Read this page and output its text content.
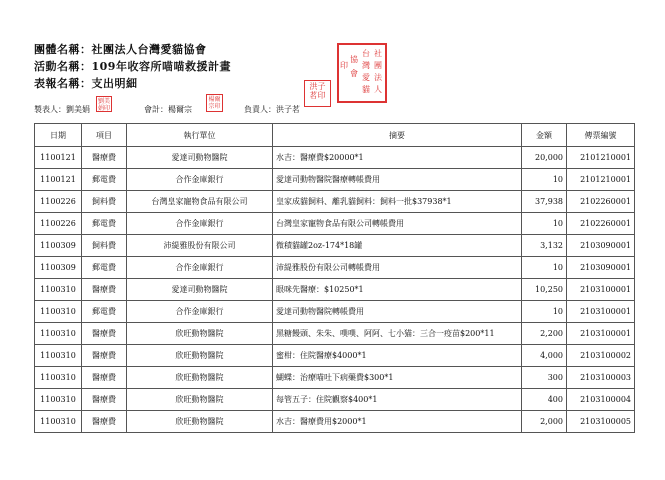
團體名稱：社團法人台灣愛貓協會
活動名稱：109年收容所喵喵救援計畫
表報名稱：支出明細
社
團
法
人
台
灣
愛
貓
協
會
印
製表人：劉美娟
劉美
娟印	會計：楊爾宗
楊爾
宗印	負責人：洪子茗
洪子
茗印
日期	項目	執行單位	摘要	金額	傳票編號
1100121	醫療費	愛達司動物醫院	水吉：醫療費$20000*1	20,000	2101210001
1100121	郵電費	合作金庫銀行	愛達司動物醫院醫療轉帳費用	10	2101210001
1100226	飼料費	台灣皇家寵物食品有限公司	皇家成貓飼料、離乳貓飼料：飼料一批$37938*1	37,938	2102260001
1100226	郵電費	合作金庫銀行	台灣皇家寵物食品有限公司轉帳費用	10	2102260001
1100309	飼料費	沛緹雅股份有限公司	微積貓罐2oz-174*18罐	3,132	2103090001
1100309	郵電費	合作金庫銀行	沛緹雅股份有限公司轉帳費用	10	2103090001
1100310	醫療費	愛達司動物醫院	眼咪先醫療：$10250*1	10,250	2103100001
1100310	郵電費	合作金庫銀行	愛達司動物醫院轉帳費用	10	2103100001
1100310	醫療費	欣旺動物醫院	黑糖饅頭、朱朱、噗噗、阿阿、七小猫：三合一疫苗$200*11	2,200	2103100001
1100310	醫療費	欣旺動物醫院	蜜柑：住院醫療$4000*1	4,000	2103100002
1100310	醫療費	欣旺動物醫院	蝴蝶：治療喵吐下病藥費$300*1	300	2103100003
1100310	醫療費	欣旺動物醫院	每管五子：住院觀察$400*1	400	2103100004
1100310	醫療費	欣旺動物醫院	水吉：醫療費用$2000*1	2,000	2103100005
